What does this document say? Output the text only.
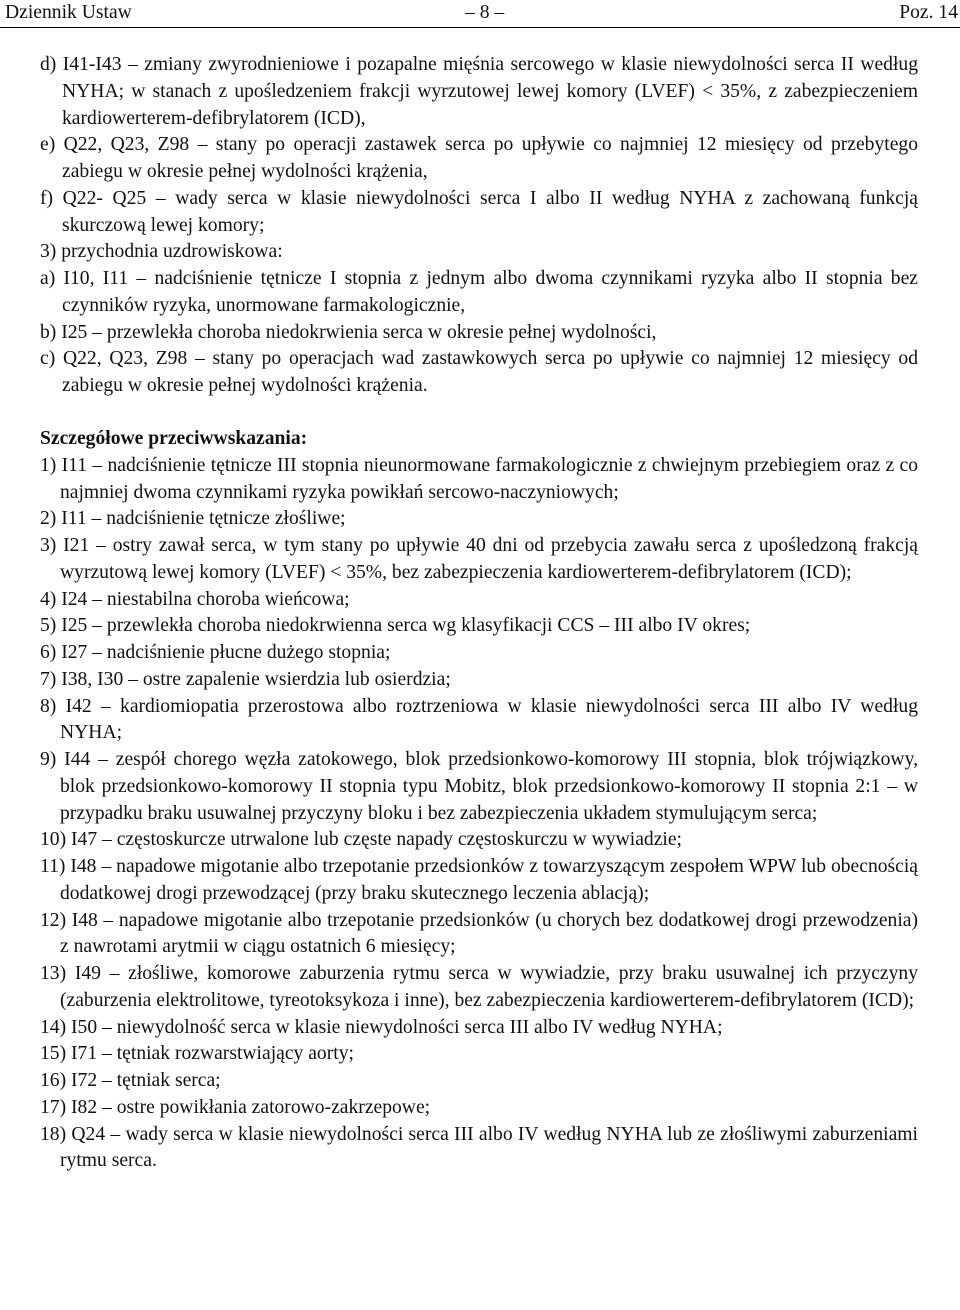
Dziennik Ustaw	– 8 –	Poz. 14

d) I41-I43 – zmiany zwyrodnieniowe i pozapalne mięśnia sercowego w klasie niewydolności serca II według NYHA; w stanach z upośledzeniem frakcji wyrzutowej lewej komory (LVEF) < 35%, z zabezpieczeniem kardiowerterem-defibrylatorem (ICD),

e) Q22, Q23, Z98 – stany po operacji zastawek serca po upływie co najmniej 12 miesięcy od przebytego zabiegu w okresie pełnej wydolności krążenia,

f) Q22- Q25 – wady serca w klasie niewydolności serca I albo II według NYHA z zachowaną funkcją skurczową lewej komory;

3) przychodnia uzdrowiskowa:

a) I10, I11 – nadciśnienie tętnicze I stopnia z jednym albo dwoma czynnikami ryzyka albo II stopnia bez czynników ryzyka, unormowane farmakologicznie,

b) I25 – przewlekła choroba niedokrwienia serca w okresie pełnej wydolności,

c) Q22, Q23, Z98 – stany po operacjach wad zastawkowych serca po upływie co najmniej 12 miesięcy od zabiegu w okresie pełnej wydolności krążenia.

Szczegółowe przeciwwskazania:

1) I11 – nadciśnienie tętnicze III stopnia nieunormowane farmakologicznie z chwiejnym przebiegiem oraz z co najmniej dwoma czynnikami ryzyka powikłań sercowo-naczyniowych;

2) I11 – nadciśnienie tętnicze złośliwe;

3) I21 – ostry zawał serca, w tym stany po upływie 40 dni od przebycia zawału serca z upośledzoną frakcją wyrzutową lewej komory (LVEF) < 35%, bez zabezpieczenia kardiowerterem-defibrylatorem (ICD);

4) I24 – niestabilna choroba wieńcowa;

5) I25 – przewlekła choroba niedokrwienna serca wg klasyfikacji CCS – III albo IV okres;

6) I27 – nadciśnienie płucne dużego stopnia;

7) I38, I30 – ostre zapalenie wsierdzia lub osierdzia;

8) I42 – kardiomiopatia przerostowa albo roztrzeniowa w klasie niewydolności serca III albo IV według NYHA;

9) I44 – zespół chorego węzła zatokowego, blok przedsionkowo-komorowy III stopnia, blok trójwiązkowy, blok przedsionkowo-komorowy II stopnia typu Mobitz, blok przedsionkowo-komorowy II stopnia 2:1 – w przypadku braku usuwalnej przyczyny bloku i bez zabezpieczenia układem stymulującym serca;

10) I47 – częstoskurcze utrwalone lub częste napady częstoskurczu w wywiadzie;

11) I48 – napadowe migotanie albo trzepotanie przedsionków z towarzyszącym zespołem WPW lub obecnością dodatkowej drogi przewodzącej (przy braku skutecznego leczenia ablacją);

12) I48 – napadowe migotanie albo trzepotanie przedsionków (u chorych bez dodatkowej drogi przewodzenia) z nawrotami arytmii w ciągu ostatnich 6 miesięcy;

13) I49 – złośliwe, komorowe zaburzenia rytmu serca w wywiadzie, przy braku usuwalnej ich przyczyny (zaburzenia elektrolitowe, tyreotoksykoza i inne), bez zabezpieczenia kardiowerterem-defibrylatorem (ICD);

14) I50 – niewydolność serca w klasie niewydolności serca III albo IV według NYHA;

15) I71 – tętniak rozwarstwiający aorty;

16) I72 – tętniak serca;

17) I82 – ostre powikłania zatorowo-zakrzepowe;

18) Q24 – wady serca w klasie niewydolności serca III albo IV według NYHA lub ze złośliwymi zaburzeniami rytmu serca.
